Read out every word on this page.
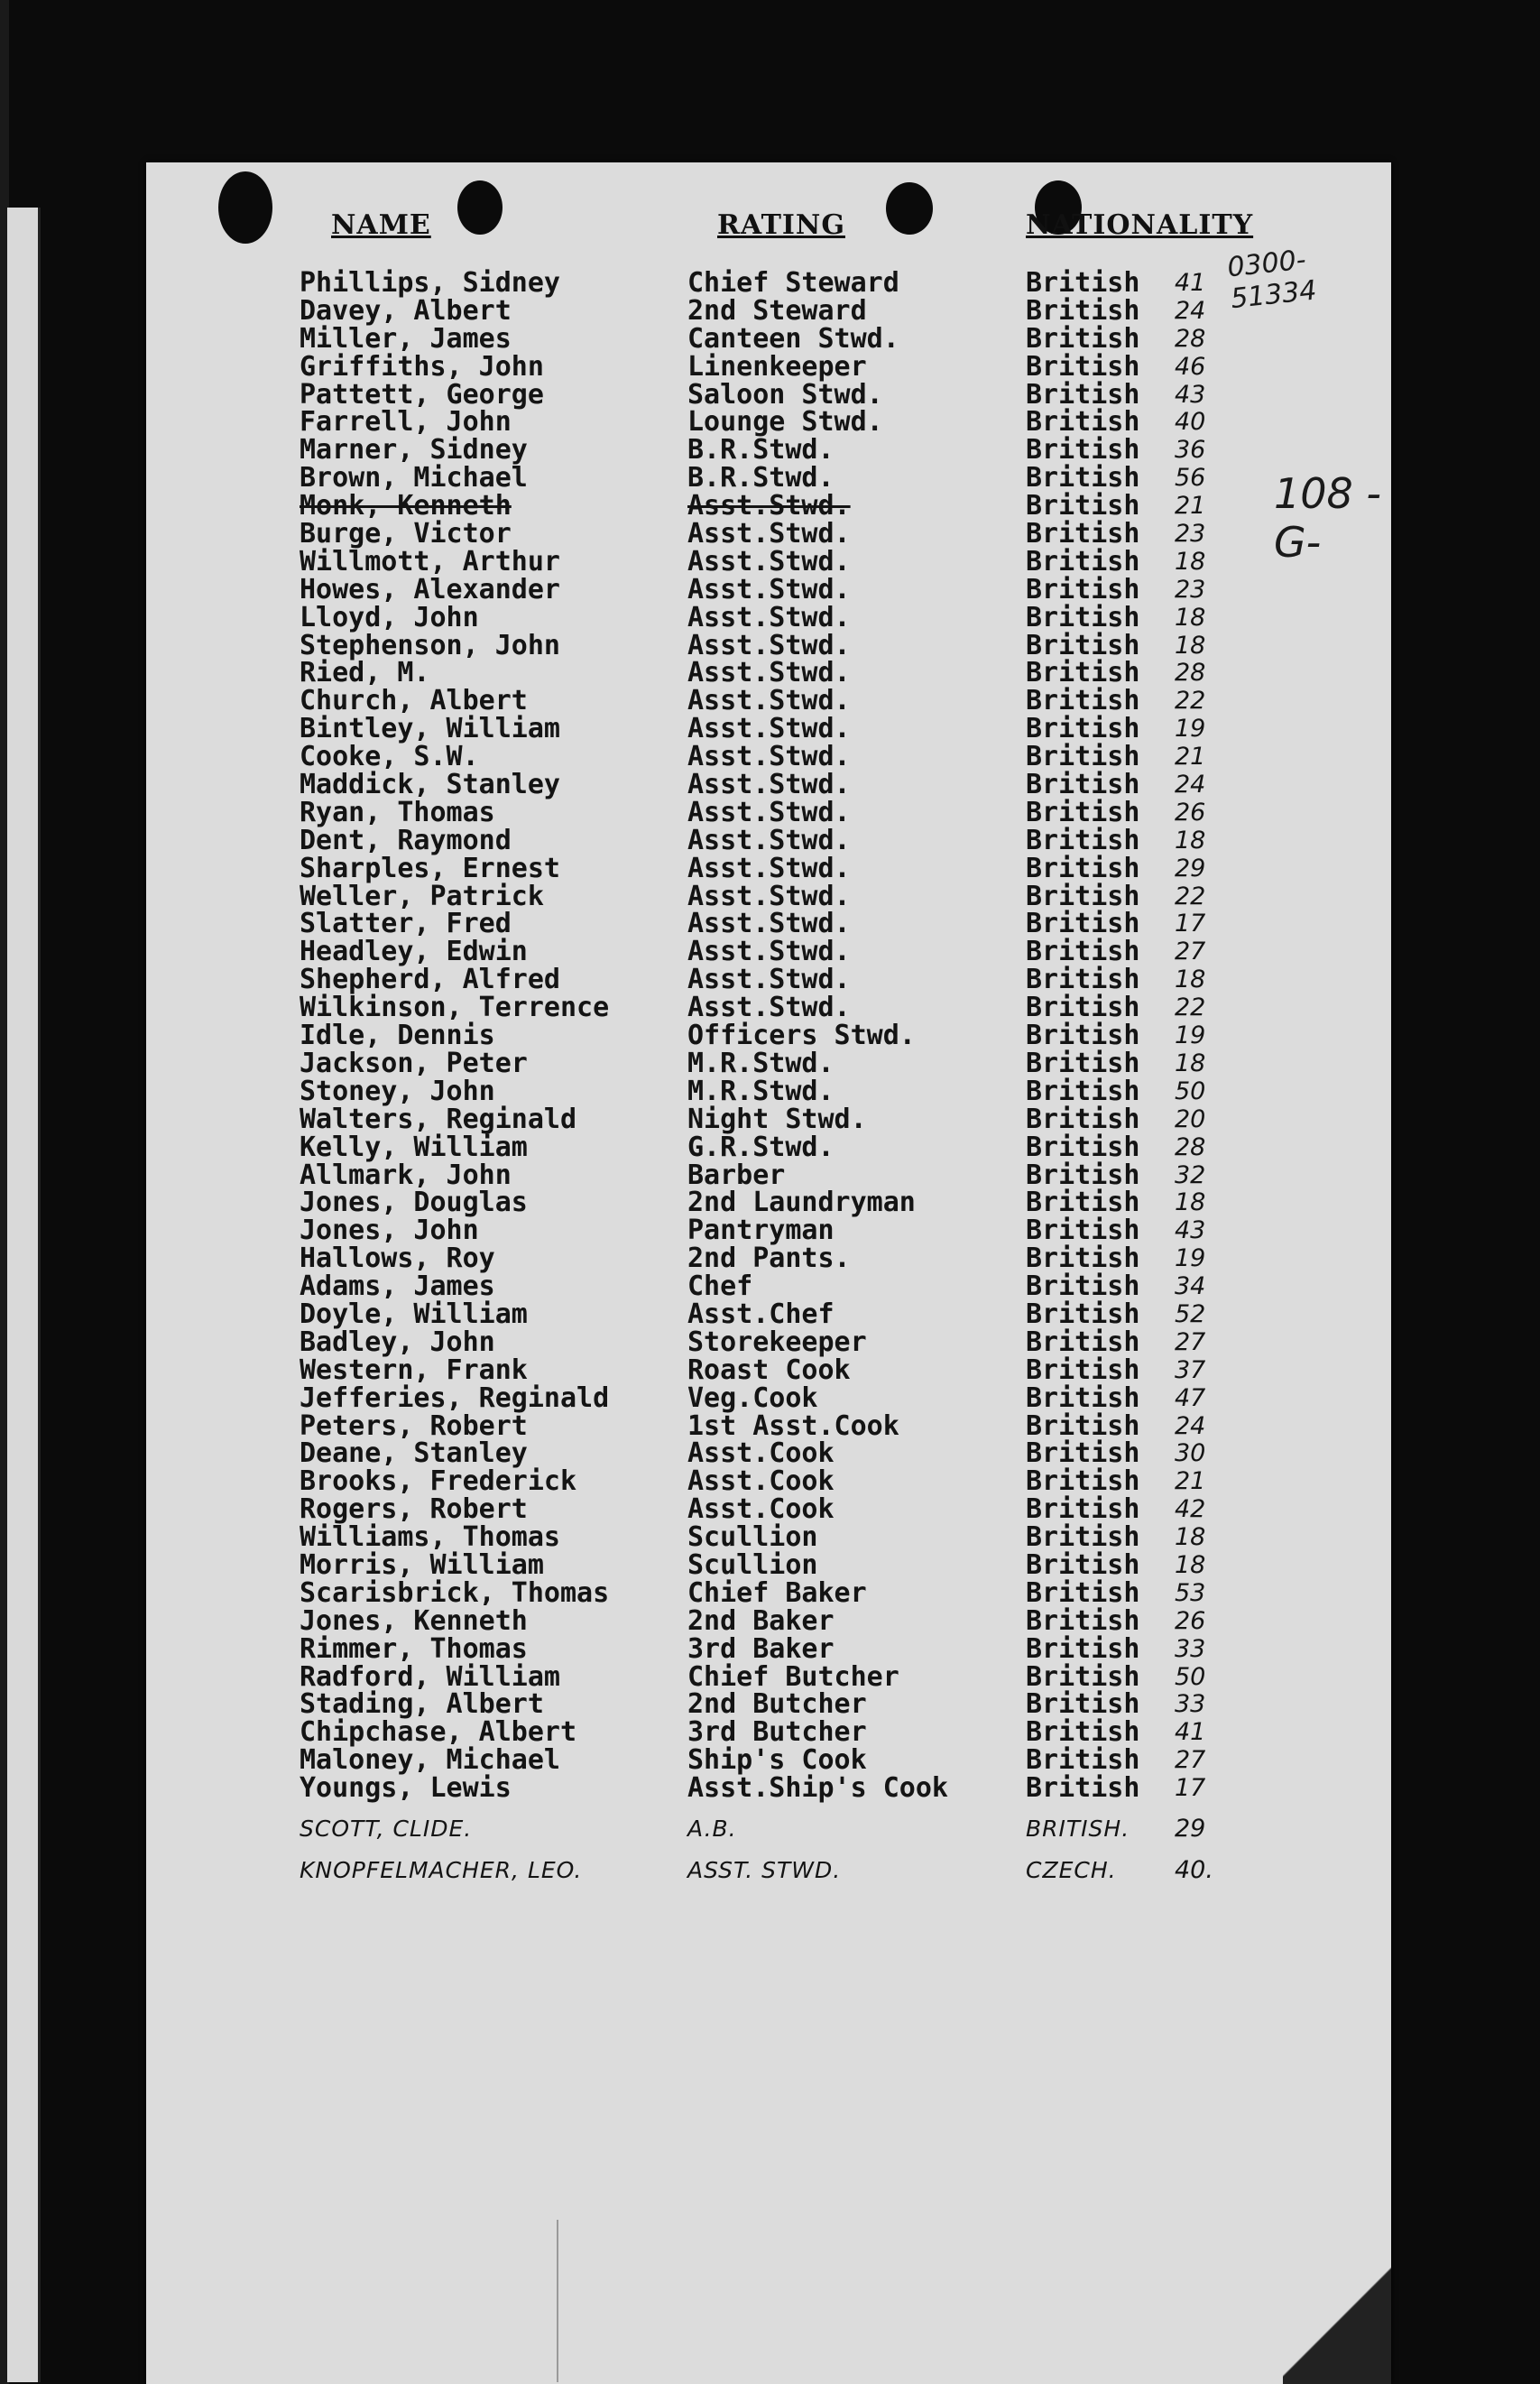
NAME	RATING	NATIONALITY
0300-51334
108 -G-
Phillips, Sidney	Chief Steward	British 41
Davey, Albert	2nd Steward	British 24
Miller, James	Canteen Stwd.	British 28
Griffiths, John	Linenkeeper	British 46
Pattett, George	Saloon Stwd.	British 43
Farrell, John	Lounge Stwd.	British 40
Marner, Sidney	B.R.Stwd.	British 36
Brown, Michael	B.R.Stwd.	British 56
Monk, Kenneth	Asst.Stwd.	British 21
Burge, Victor	Asst.Stwd.	British 23
Willmott, Arthur	Asst.Stwd.	British 18
Howes, Alexander	Asst.Stwd.	British 23
Lloyd, John	Asst.Stwd.	British 18
Stephenson, John	Asst.Stwd.	British 18
Ried, M.	Asst.Stwd.	British 28
Church, Albert	Asst.Stwd.	British 22
Bintley, William	Asst.Stwd.	British 19
Cooke, S.W.	Asst.Stwd.	British 21
Maddick, Stanley	Asst.Stwd.	British 24
Ryan, Thomas	Asst.Stwd.	British 26
Dent, Raymond	Asst.Stwd.	British 18
Sharples, Ernest	Asst.Stwd.	British 29
Weller, Patrick	Asst.Stwd.	British 22
Slatter, Fred	Asst.Stwd.	British 17
Headley, Edwin	Asst.Stwd.	British 27
Shepherd, Alfred	Asst.Stwd.	British 18
Wilkinson, Terrence	Asst.Stwd.	British 22
Idle, Dennis	Officers Stwd.	British 19
Jackson, Peter	M.R.Stwd.	British 18
Stoney, John	M.R.Stwd.	British 50
Walters, Reginald	Night Stwd.	British 20
Kelly, William	G.R.Stwd.	British 28
Allmark, John	Barber	British 32
Jones, Douglas	2nd Laundryman	British 18
Jones, John	Pantryman	British 43
Hallows, Roy	2nd Pants.	British 19
Adams, James	Chef	British 34
Doyle, William	Asst.Chef	British 52
Badley, John	Storekeeper	British 27
Western, Frank	Roast Cook	British 37
Jefferies, Reginald	Veg.Cook	British 47
Peters, Robert	1st Asst.Cook	British 24
Deane, Stanley	Asst.Cook	British 30
Brooks, Frederick	Asst.Cook	British 21
Rogers, Robert	Asst.Cook	British 42
Williams, Thomas	Scullion	British 18
Morris, William	Scullion	British 18
Scarisbrick, Thomas	Chief Baker	British 53
Jones, Kenneth	2nd Baker	British 26
Rimmer, Thomas	3rd Baker	British 33
Radford, William	Chief Butcher	British 50
Stading, Albert	2nd Butcher	British 33
Chipchase, Albert	3rd Butcher	British 41
Maloney, Michael	Ship's Cook	British 27
Youngs, Lewis	Asst.Ship's Cook	British 17
SCOTT, CLIDE.	A.B.	BRITISH. 29
KNOPFELMACHER, LEO.	ASST. STWD.	CZECH. 40.
